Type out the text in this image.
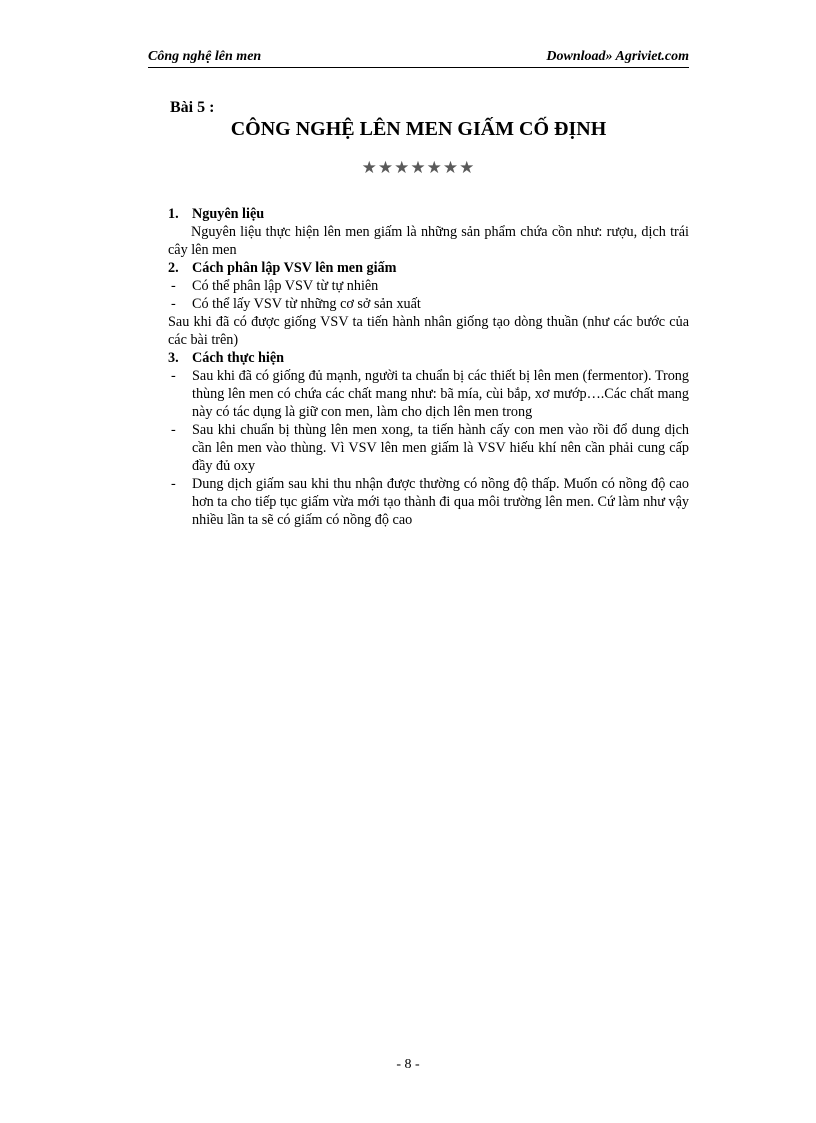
Công nghệ lên men	Download» Agriviet.com
Bài 5 :
CÔNG NGHỆ LÊN MEN GIẤM CỐ ĐỊNH
★★★★★★★
1. Nguyên liệu
Nguyên liệu thực hiện lên men giấm là những sản phẩm chứa cồn như: rượu, dịch trái cây lên men
2. Cách phân lập VSV lên men giấm
- Có thể phân lập VSV từ tự nhiên
- Có thể lấy VSV từ những cơ sở sản xuất
Sau khi đã có được giống VSV ta tiến hành nhân giống tạo dòng thuần (như các bước của các bài trên)
3. Cách thực hiện
- Sau khi đã có giống đủ mạnh, người ta chuẩn bị các thiết bị lên men (fermentor). Trong thùng lên men có chứa các chất mang như: bã mía, cùi bắp, xơ mướp….Các chất mang này có tác dụng là giữ con men, làm cho dịch lên men trong
- Sau khi chuẩn bị thùng lên men xong, ta tiến hành cấy con men vào rồi đổ dung dịch cần lên men vào thùng. Vì VSV lên men giấm là VSV hiếu khí nên cần phải cung cấp đầy đủ oxy
- Dung dịch giấm sau khi thu nhận được thường có nồng độ thấp. Muốn có nồng độ cao hơn ta cho tiếp tục giấm vừa mới tạo thành đi qua môi trường lên men. Cứ làm như vậy nhiều lần ta sẽ có giấm có nồng độ cao
- 8 -
